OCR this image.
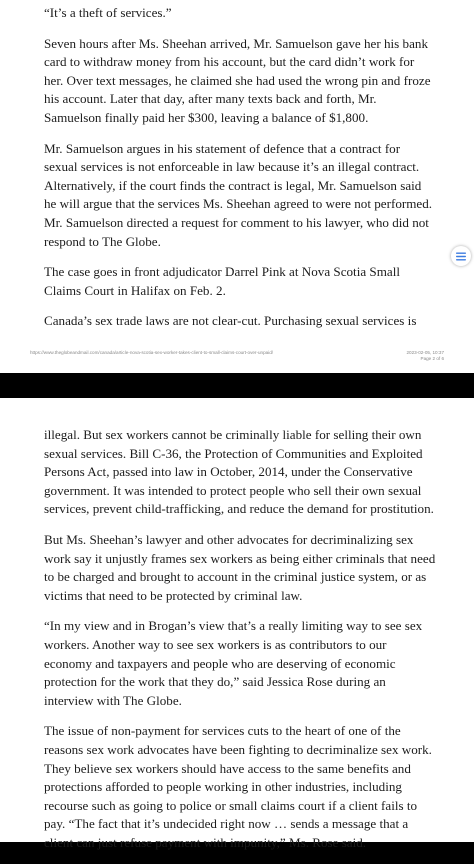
“It’s a theft of services.”

Seven hours after Ms. Sheehan arrived, Mr. Samuelson gave her his bank card to withdraw money from his account, but the card didn’t work for her. Over text messages, he claimed she had used the wrong pin and froze his account. Later that day, after many texts back and forth, Mr. Samuelson finally paid her $300, leaving a balance of $1,800.

Mr. Samuelson argues in his statement of defence that a contract for sexual services is not enforceable in law because it’s an illegal contract. Alternatively, if the court finds the contract is legal, Mr. Samuelson said he will argue that the services Ms. Sheehan agreed to were not performed. Mr. Samuelson directed a request for comment to his lawyer, who did not respond to The Globe.

The case goes in front adjudicator Darrel Pink at Nova Scotia Small Claims Court in Halifax on Feb. 2.

Canada’s sex trade laws are not clear-cut. Purchasing sexual services is

https://www.theglobeandmail.com/canada/article-nova-scotia-sex-worker-takes-client-to-small-claims-court-over-unpaid/	2023-02-05, 10:37
Page 2 of 6

illegal. But sex workers cannot be criminally liable for selling their own sexual services. Bill C-36, the Protection of Communities and Exploited Persons Act, passed into law in October, 2014, under the Conservative government. It was intended to protect people who sell their own sexual services, prevent child-trafficking, and reduce the demand for prostitution.

But Ms. Sheehan’s lawyer and other advocates for decriminalizing sex work say it unjustly frames sex workers as being either criminals that need to be charged and brought to account in the criminal justice system, or as victims that need to be protected by criminal law.

“In my view and in Brogan’s view that’s a really limiting way to see sex workers. Another way to see sex workers is as contributors to our economy and taxpayers and people who are deserving of economic protection for the work that they do,” said Jessica Rose during an interview with The Globe.

The issue of non-payment for services cuts to the heart of one of the reasons sex work advocates have been fighting to decriminalize sex work. They believe sex workers should have access to the same benefits and protections afforded to people working in other industries, including recourse such as going to police or small claims court if a client fails to pay. “The fact that it’s undecided right now … sends a message that a client can just refuse payment with impunity,” Ms. Rose said.
